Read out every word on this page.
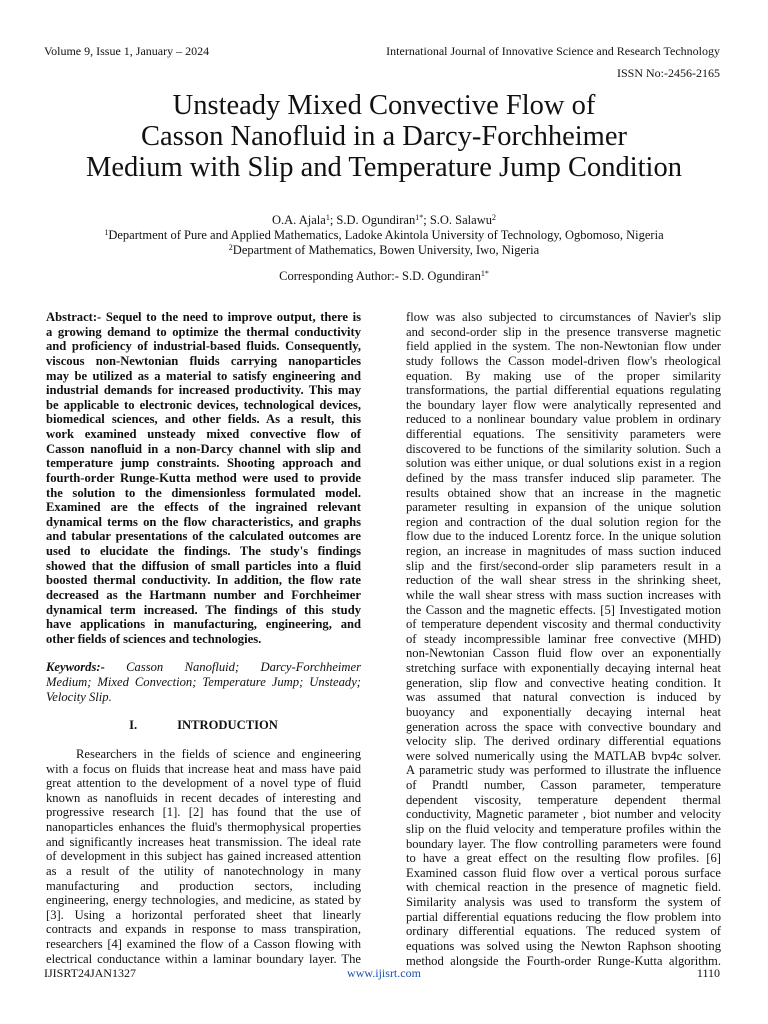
Volume 9, Issue 1, January – 2024	International Journal of Innovative Science and Research Technology
ISSN No:-2456-2165
Unsteady Mixed Convective Flow of
Casson Nanofluid in a Darcy-Forchheimer
Medium with Slip and Temperature Jump Condition

O.A. Ajala$^1$; S.D. Ogundiran$^{1*}$; S.O. Salawu$^2$

$^1$Department of Pure and Applied Mathematics, Ladoke Akintola University of Technology, Ogbomoso, Nigeria

$^2$Department of Mathematics, Bowen University, Iwo, Nigeria

Corresponding Author:- S.D. Ogundiran$^{1*}$

Abstract:- Sequel to the need to improve output, there is
a growing demand to optimize the thermal conductivity
and proficiency of industrial-based fluids. Consequently,
viscous non-Newtonian fluids carrying nanoparticles
may be utilized as a material to satisfy engineering and
industrial demands for increased productivity. This may
be applicable to electronic devices, technological devices,
biomedical sciences, and other fields. As a result, this
work examined unsteady mixed convective flow of
Casson nanofluid in a non-Darcy channel with slip and
temperature jump constraints. Shooting approach and
fourth-order Runge-Kutta method were used to provide
the solution to the dimensionless formulated model.
Examined are the effects of the ingrained relevant
dynamical terms on the flow characteristics, and graphs
and tabular presentations of the calculated outcomes are
used to elucidate the findings. The study's findings
showed that the diffusion of small particles into a fluid
boosted thermal conductivity. In addition, the flow rate
decreased as the Hartmann number and Forchheimer
dynamical term increased. The findings of this study
have applications in manufacturing, engineering, and
other fields of sciences and technologies.

Keywords:- Casson Nanofluid; Darcy-Forchheimer
Medium; Mixed Convection; Temperature Jump; Unsteady;
Velocity Slip.

I.	INTRODUCTION

Researchers in the fields of science and engineering
with a focus on fluids that increase heat and mass have paid
great attention to the development of a novel type of fluid
known as nanofluids in recent decades of interesting and
progressive research [1]. [2] has found that the use of
nanoparticles enhances the fluid's thermophysical properties
and significantly increases heat transmission. The ideal rate
of development in this subject has gained increased attention
as a result of the utility of nanotechnology in many
manufacturing and production sectors, including
engineering, energy technologies, and medicine, as stated by
[3]. Using a horizontal perforated sheet that linearly
contracts and expands in response to mass transpiration,
researchers [4] examined the flow of a Casson flowing with
electrical conductance within a laminar boundary layer. The

flow was also subjected to circumstances of Navier's slip
and second-order slip in the presence transverse magnetic
field applied in the system. The non-Newtonian flow under
study follows the Casson model-driven flow's rheological
equation. By making use of the proper similarity
transformations, the partial differential equations regulating
the boundary layer flow were analytically represented and
reduced to a nonlinear boundary value problem in ordinary
differential equations. The sensitivity parameters were
discovered to be functions of the similarity solution. Such a
solution was either unique, or dual solutions exist in a region
defined by the mass transfer induced slip parameter. The
results obtained show that an increase in the magnetic
parameter resulting in expansion of the unique solution
region and contraction of the dual solution region for the
flow due to the induced Lorentz force. In the unique solution
region, an increase in magnitudes of mass suction induced
slip and the first/second-order slip parameters result in a
reduction of the wall shear stress in the shrinking sheet,
while the wall shear stress with mass suction increases with
the Casson and the magnetic effects. [5] Investigated motion
of temperature dependent viscosity and thermal conductivity
of steady incompressible laminar free convective (MHD)
non-Newtonian Casson fluid flow over an exponentially
stretching surface with exponentially decaying internal heat
generation, slip flow and convective heating condition. It
was assumed that natural convection is induced by
buoyancy and exponentially decaying internal heat
generation across the space with convective boundary and
velocity slip. The derived ordinary differential equations
were solved numerically using the MATLAB bvp4c solver.
A parametric study was performed to illustrate the influence
of Prandtl number, Casson parameter, temperature
dependent viscosity, temperature dependent thermal
conductivity, Magnetic parameter , biot number and velocity
slip on the fluid velocity and temperature profiles within the
boundary layer. The flow controlling parameters were found
to have a great effect on the resulting flow profiles. [6]
Examined casson fluid flow over a vertical porous surface
with chemical reaction in the presence of magnetic field.
Similarity analysis was used to transform the system of
partial differential equations reducing the flow problem into
ordinary differential equations. The reduced system of
equations was solved using the Newton Raphson shooting
method alongside the Fourth-order Runge-Kutta algorithm.

IJISRT24JAN1327	www.ijisrt.com	1110
